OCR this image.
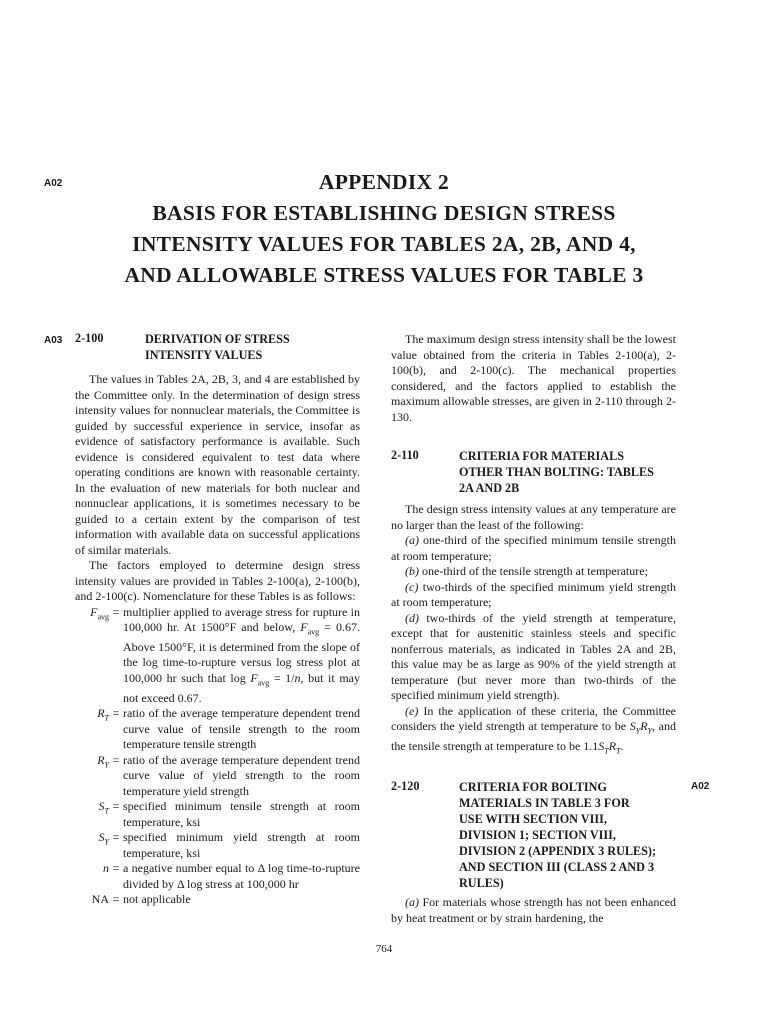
A02
A03
A02
APPENDIX 2
BASIS FOR ESTABLISHING DESIGN STRESS
INTENSITY VALUES FOR TABLES 2A, 2B, AND 4,
AND ALLOWABLE STRESS VALUES FOR TABLE 3
2-100	DERIVATION OF STRESS
INTENSITY VALUES

The values in Tables 2A, 2B, 3, and 4 are established by the Committee only. In the determination of design stress intensity values for nonnuclear materials, the Committee is guided by successful experience in service, insofar as evidence of satisfactory performance is available. Such evidence is considered equivalent to test data where operating conditions are known with reasonable certainty. In the evaluation of new materials for both nuclear and nonnuclear applications, it is sometimes necessary to be guided to a certain extent by the comparison of test information with available data on successful applications of similar materials.

The factors employed to determine design stress intensity values are provided in Tables 2-100(a), 2-100(b), and 2-100(c). Nomenclature for these Tables is as follows:

$F_{avg}$ = multiplier applied to average stress for rupture in 100,000 hr. At 1500°F and below, $F_{avg} = 0.67$. Above 1500°F, it is determined from the slope of the log time-to-rupture versus log stress plot at 100,000 hr such that $\log F_{avg} = 1/n$, but it may not exceed 0.67.
$R_T$ = ratio of the average temperature dependent trend curve value of tensile strength to the room temperature tensile strength
$R_Y$ = ratio of the average temperature dependent trend curve value of yield strength to the room temperature yield strength
$S_T$ = specified minimum tensile strength at room temperature, ksi
$S_Y$ = specified minimum yield strength at room temperature, ksi
n = a negative number equal to Δ log time-to-rupture divided by Δ log stress at 100,000 hr
NA = not applicable

The maximum design stress intensity shall be the lowest value obtained from the criteria in Tables 2-100(a), 2-100(b), and 2-100(c). The mechanical properties considered, and the factors applied to establish the maximum allowable stresses, are given in 2-110 through 2-130.

2-110	CRITERIA FOR MATERIALS
OTHER THAN BOLTING: TABLES
2A AND 2B

The design stress intensity values at any temperature are no larger than the least of the following:

(a) one-third of the specified minimum tensile strength at room temperature;

(b) one-third of the tensile strength at temperature;

(c) two-thirds of the specified minimum yield strength at room temperature;

(d) two-thirds of the yield strength at temperature, except that for austenitic stainless steels and specific nonferrous materials, as indicated in Tables 2A and 2B, this value may be as large as 90% of the yield strength at temperature (but never more than two-thirds of the specified minimum yield strength).

(e) In the application of these criteria, the Committee considers the yield strength at temperature to be $S_YR_Y$, and the tensile strength at temperature to be $1.1S_TR_T$.

2-120	CRITERIA FOR BOLTING
MATERIALS IN TABLE 3 FOR
USE WITH SECTION VIII,
DIVISION 1; SECTION VIII,
DIVISION 2 (APPENDIX 3 RULES);
AND SECTION III (CLASS 2 AND 3
RULES)

(a) For materials whose strength has not been enhanced by heat treatment or by strain hardening, the

764
